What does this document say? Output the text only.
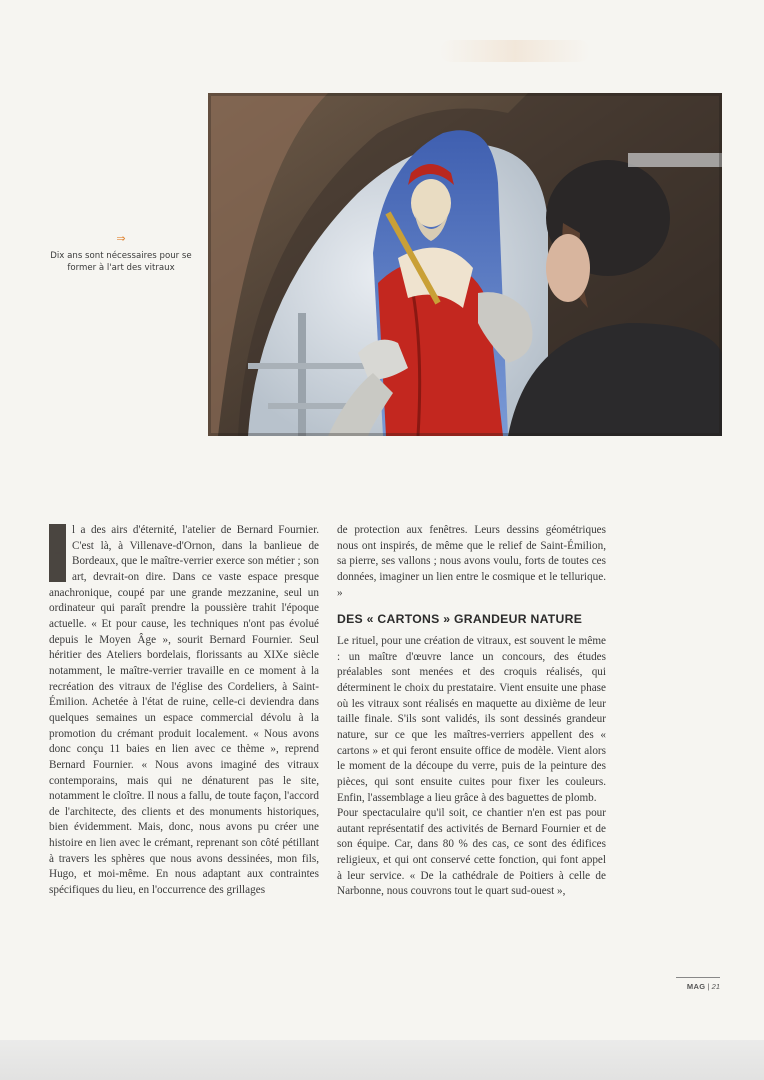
⇒
Dix ans sont nécessaires pour se former à l'art des vitraux
I

l a des airs d'éternité, l'atelier de Bernard Fournier. C'est là, à Villenave-d'Ornon, dans la banlieue de Bordeaux, que le maître-verrier exerce son métier ; son art, devrait-on dire. Dans ce vaste espace presque anachronique, coupé par une grande mezzanine, seul un ordinateur qui paraît prendre la poussière trahit l'époque actuelle. « Et pour cause, les techniques n'ont pas évolué depuis le Moyen Âge », sourit Bernard Fournier. Seul héritier des Ateliers bordelais, florissants au XIXe siècle notamment, le maître-verrier travaille en ce moment à la recréation des vitraux de l'église des Cordeliers, à Saint-Émilion. Achetée à l'état de ruine, celle-ci deviendra dans quelques semaines un espace commercial dévolu à la promotion du crémant produit localement. « Nous avons donc conçu 11 baies en lien avec ce thème », reprend Bernard Fournier. « Nous avons imaginé des vitraux contemporains, mais qui ne dénaturent pas le site, notamment le cloître. Il nous a fallu, de toute façon, l'accord de l'architecte, des clients et des monuments historiques, bien évidemment. Mais, donc, nous avons pu créer une histoire en lien avec le crémant, reprenant son côté pétillant à travers les sphères que nous avons dessinées, mon fils, Hugo, et moi-même. En nous adaptant aux contraintes spécifiques du lieu, en l'occurrence des grillages

de protection aux fenêtres. Leurs dessins géométriques nous ont inspirés, de même que le relief de Saint-Émilion, sa pierre, ses vallons ; nous avons voulu, forts de toutes ces données, imaginer un lien entre le cosmique et le tellurique. »

DES « CARTONS » GRANDEUR NATURE

Le rituel, pour une création de vitraux, est souvent le même : un maître d'œuvre lance un concours, des études préalables sont menées et des croquis réalisés, qui déterminent le choix du prestataire. Vient ensuite une phase où les vitraux sont réalisés en maquette au dixième de leur taille finale. S'ils sont validés, ils sont dessinés grandeur nature, sur ce que les maîtres-verriers appellent des « cartons » et qui feront ensuite office de modèle. Vient alors le moment de la découpe du verre, puis de la peinture des pièces, qui sont ensuite cuites pour fixer les couleurs. Enfin, l'assemblage a lieu grâce à des baguettes de plomb.

Pour spectaculaire qu'il soit, ce chantier n'en est pas pour autant représentatif des activités de Bernard Fournier et de son équipe. Car, dans 80 % des cas, ce sont des édifices religieux, et qui ont conservé cette fonction, qui font appel à leur service. « De la cathédrale de Poitiers à celle de Narbonne, nous couvrons tout le quart sud-ouest »,

MAG | 21
